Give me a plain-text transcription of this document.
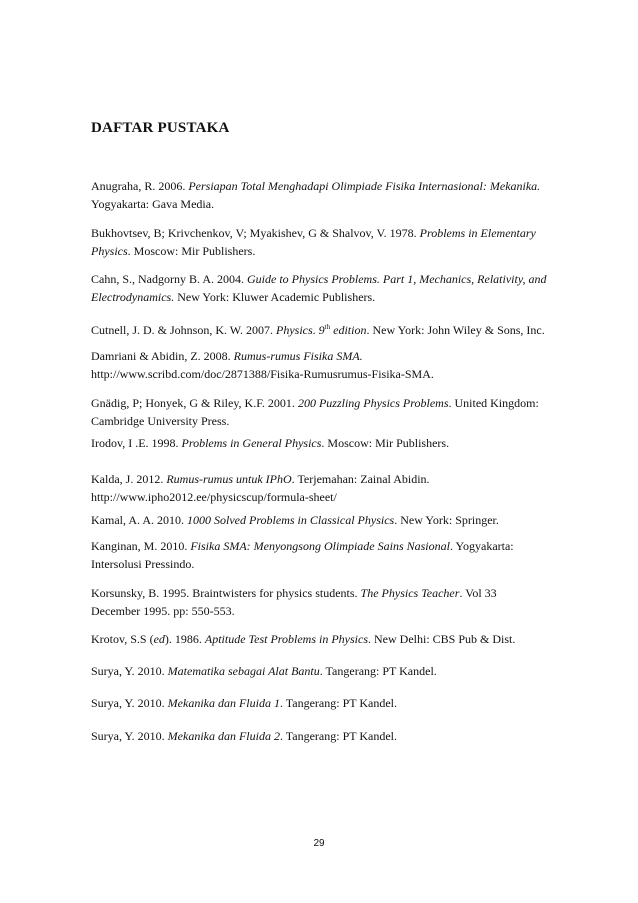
DAFTAR PUSTAKA
Anugraha, R. 2006. Persiapan Total Menghadapi Olimpiade Fisika Internasional: Mekanika.
Yogyakarta: Gava Media.
Bukhovtsev, B; Krivchenkov, V; Myakishev, G & Shalvov, V. 1978. Problems in Elementary
Physics. Moscow: Mir Publishers.
Cahn, S., Nadgorny B. A. 2004. Guide to Physics Problems. Part 1, Mechanics, Relativity, and
Electrodynamics. New York: Kluwer Academic Publishers.
Cutnell, J. D. & Johnson, K. W. 2007. Physics. 9th edition. New York: John Wiley & Sons, Inc.
Damriani & Abidin, Z. 2008. Rumus-rumus Fisika SMA.
http://www.scribd.com/doc/2871388/Fisika-Rumusrumus-Fisika-SMA.
Gnädig, P; Honyek, G & Riley, K.F. 2001. 200 Puzzling Physics Problems. United Kingdom:
Cambridge University Press.
Irodov, I .E. 1998. Problems in General Physics. Moscow: Mir Publishers.
Kalda, J. 2012. Rumus-rumus untuk IPhO. Terjemahan: Zainal Abidin.
http://www.ipho2012.ee/physicscup/formula-sheet/
Kamal, A. A. 2010. 1000 Solved Problems in Classical Physics. New York: Springer.
Kanginan, M. 2010. Fisika SMA: Menyongsong Olimpiade Sains Nasional. Yogyakarta:
Intersolusi Pressindo.
Korsunsky, B. 1995. Braintwisters for physics students. The Physics Teacher. Vol 33
December 1995. pp: 550-553.
Krotov, S.S (ed). 1986. Aptitude Test Problems in Physics. New Delhi: CBS Pub & Dist.
Surya, Y. 2010. Matematika sebagai Alat Bantu. Tangerang: PT Kandel.
Surya, Y. 2010. Mekanika dan Fluida 1. Tangerang: PT Kandel.
Surya, Y. 2010. Mekanika dan Fluida 2. Tangerang: PT Kandel.
29
